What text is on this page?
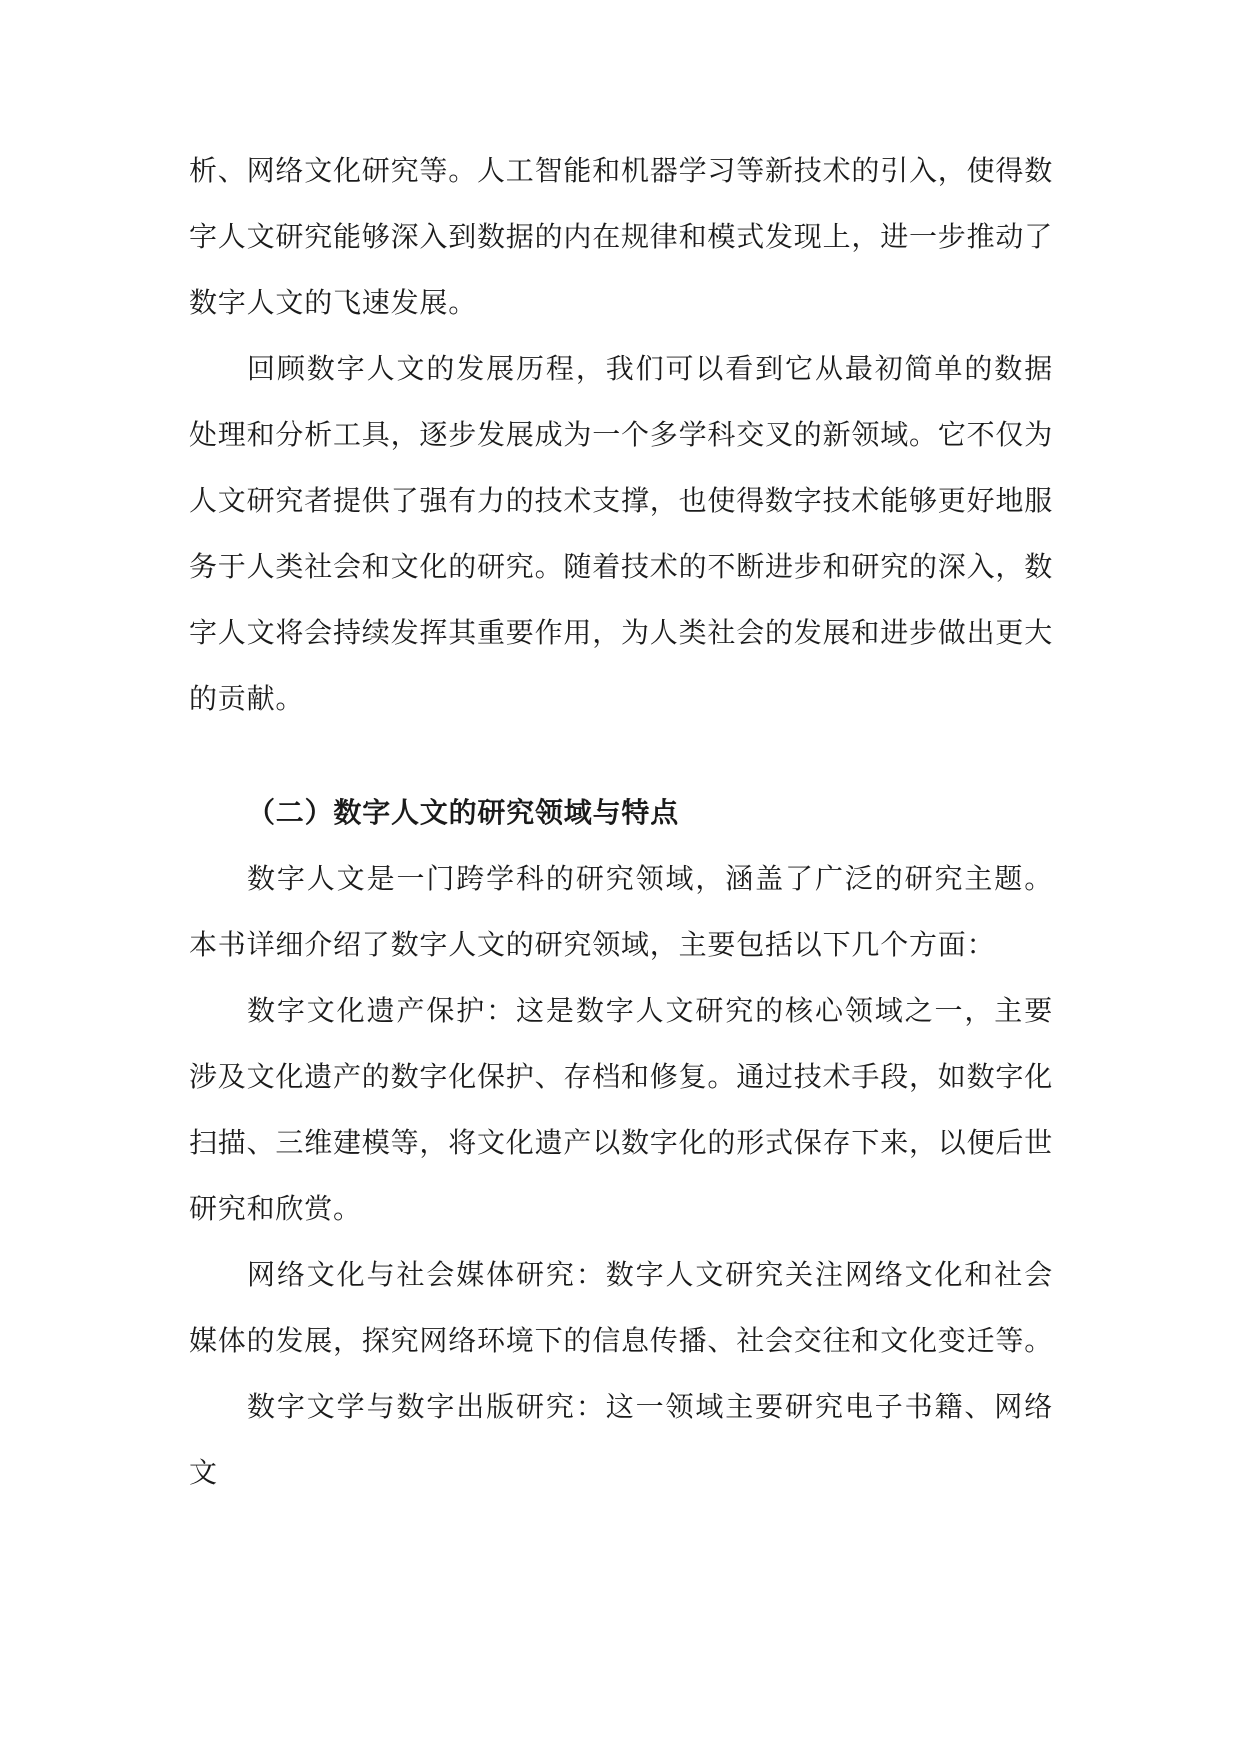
析、网络文化研究等。人工智能和机器学习等新技术的引入，使得数字人文研究能够深入到数据的内在规律和模式发现上，进一步推动了数字人文的飞速发展。

回顾数字人文的发展历程，我们可以看到它从最初简单的数据处理和分析工具，逐步发展成为一个多学科交叉的新领域。它不仅为人文研究者提供了强有力的技术支撑，也使得数字技术能够更好地服务于人类社会和文化的研究。随着技术的不断进步和研究的深入，数字人文将会持续发挥其重要作用，为人类社会的发展和进步做出更大的贡献。

（二）数字人文的研究领域与特点

数字人文是一门跨学科的研究领域，涵盖了广泛的研究主题。本书详细介绍了数字人文的研究领域，主要包括以下几个方面：

数字文化遗产保护：这是数字人文研究的核心领域之一，主要涉及文化遗产的数字化保护、存档和修复。通过技术手段，如数字化扫描、三维建模等，将文化遗产以数字化的形式保存下来，以便后世研究和欣赏。

网络文化与社会媒体研究：数字人文研究关注网络文化和社会媒体的发展，探究网络环境下的信息传播、社会交往和文化变迁等。

数字文学与数字出版研究：这一领域主要研究电子书籍、网络文
